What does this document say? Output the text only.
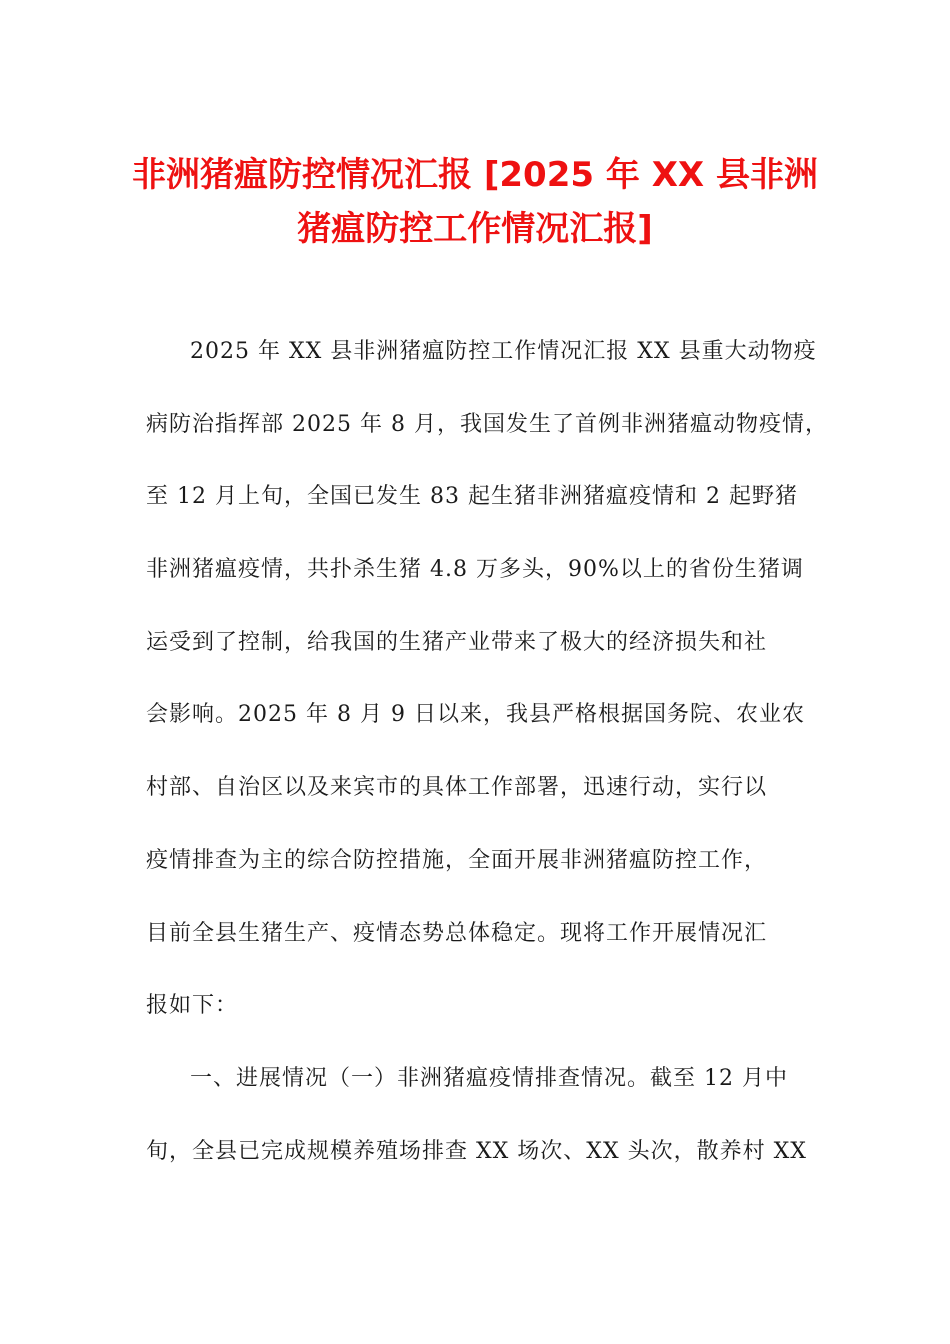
非洲猪瘟防控情况汇报 [2025 年 XX 县非洲
猪瘟防控工作情况汇报]

2025 年 XX 县非洲猪瘟防控工作情况汇报 XX 县重大动物疫
病防治指挥部 2025 年 8 月，我国发生了首例非洲猪瘟动物疫情，
至 12 月上旬，全国已发生 83 起生猪非洲猪瘟疫情和 2 起野猪
非洲猪瘟疫情，共扑杀生猪 4.8 万多头，90%以上的省份生猪调
运受到了控制，给我国的生猪产业带来了极大的经济损失和社
会影响。2025 年 8 月 9 日以来，我县严格根据国务院、农业农
村部、自治区以及来宾市的具体工作部署，迅速行动，实行以
疫情排查为主的综合防控措施，全面开展非洲猪瘟防控工作，
目前全县生猪生产、疫情态势总体稳定。现将工作开展情况汇
报如下：

一、进展情况（一）非洲猪瘟疫情排查情况。截至 12 月中
旬，全县已完成规模养殖场排查 XX 场次、XX 头次，散养村 XX
